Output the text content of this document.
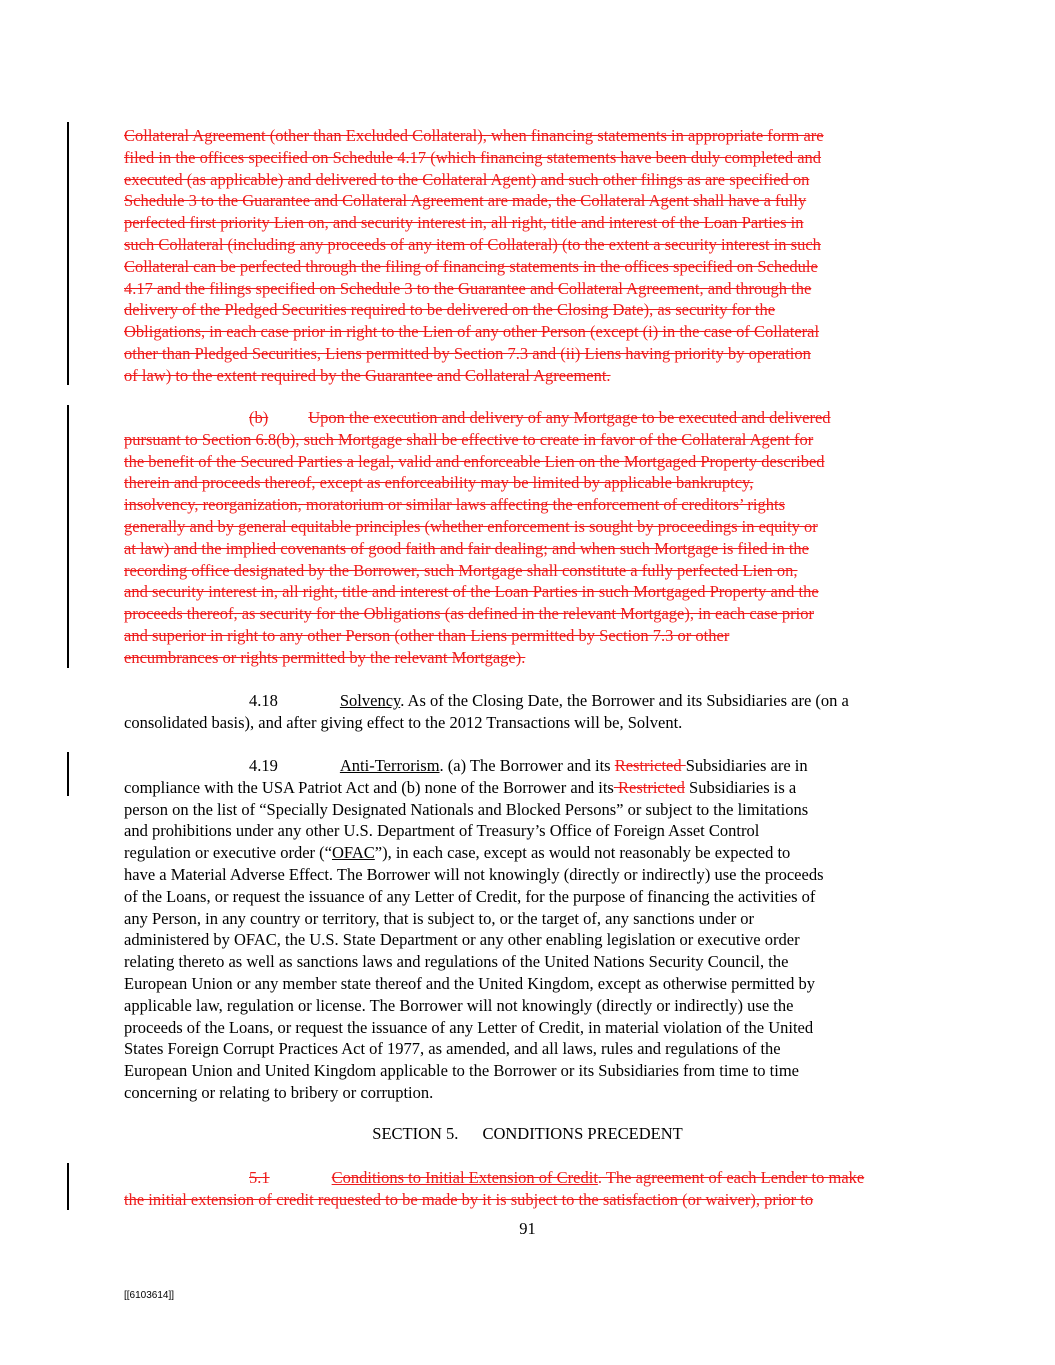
Collateral Agreement (other than Excluded Collateral), when financing statements in appropriate form are
filed in the offices specified on Schedule 4.17 (which financing statements have been duly completed and
executed (as applicable) and delivered to the Collateral Agent) and such other filings as are specified on
Schedule 3 to the Guarantee and Collateral Agreement are made, the Collateral Agent shall have a fully
perfected first priority Lien on, and security interest in, all right, title and interest of the Loan Parties in
such Collateral (including any proceeds of any item of Collateral) (to the extent a security interest in such
Collateral can be perfected through the filing of financing statements in the offices specified on Schedule
4.17 and the filings specified on Schedule 3 to the Guarantee and Collateral Agreement, and through the
delivery of the Pledged Securities required to be delivered on the Closing Date), as security for the
Obligations, in each case prior in right to the Lien of any other Person (except (i) in the case of Collateral
other than Pledged Securities, Liens permitted by Section 7.3 and (ii) Liens having priority by operation
of law) to the extent required by the Guarantee and Collateral Agreement.
(b) Upon the execution and delivery of any Mortgage to be executed and delivered
pursuant to Section 6.8(b), such Mortgage shall be effective to create in favor of the Collateral Agent for
the benefit of the Secured Parties a legal, valid and enforceable Lien on the Mortgaged Property described
therein and proceeds thereof, except as enforceability may be limited by applicable bankruptcy,
insolvency, reorganization, moratorium or similar laws affecting the enforcement of creditors’ rights
generally and by general equitable principles (whether enforcement is sought by proceedings in equity or
at law) and the implied covenants of good faith and fair dealing; and when such Mortgage is filed in the
recording office designated by the Borrower, such Mortgage shall constitute a fully perfected Lien on,
and security interest in, all right, title and interest of the Loan Parties in such Mortgaged Property and the
proceeds thereof, as security for the Obligations (as defined in the relevant Mortgage), in each case prior
and superior in right to any other Person (other than Liens permitted by Section 7.3 or other
encumbrances or rights permitted by the relevant Mortgage).
4.18	Solvency. As of the Closing Date, the Borrower and its Subsidiaries are (on a
consolidated basis), and after giving effect to the 2012 Transactions will be, Solvent.
4.19	Anti-Terrorism. (a) The Borrower and its Restricted Subsidiaries are in
compliance with the USA Patriot Act and (b) none of the Borrower and its Restricted Subsidiaries is a
person on the list of “Specially Designated Nationals and Blocked Persons” or subject to the limitations
and prohibitions under any other U.S. Department of Treasury’s Office of Foreign Asset Control
regulation or executive order (“OFAC”), in each case, except as would not reasonably be expected to
have a Material Adverse Effect. The Borrower will not knowingly (directly or indirectly) use the proceeds
of the Loans, or request the issuance of any Letter of Credit, for the purpose of financing the activities of
any Person, in any country or territory, that is subject to, or the target of, any sanctions under or
administered by OFAC, the U.S. State Department or any other enabling legislation or executive order
relating thereto as well as sanctions laws and regulations of the United Nations Security Council, the
European Union or any member state thereof and the United Kingdom, except as otherwise permitted by
applicable law, regulation or license. The Borrower will not knowingly (directly or indirectly) use the
proceeds of the Loans, or request the issuance of any Letter of Credit, in material violation of the United
States Foreign Corrupt Practices Act of 1977, as amended, and all laws, rules and regulations of the
European Union and United Kingdom applicable to the Borrower or its Subsidiaries from time to time
concerning or relating to bribery or corruption.
SECTION 5. CONDITIONS PRECEDENT
5.1	Conditions to Initial Extension of Credit. The agreement of each Lender to make
the initial extension of credit requested to be made by it is subject to the satisfaction (or waiver), prior to
91
[[6103614]]
